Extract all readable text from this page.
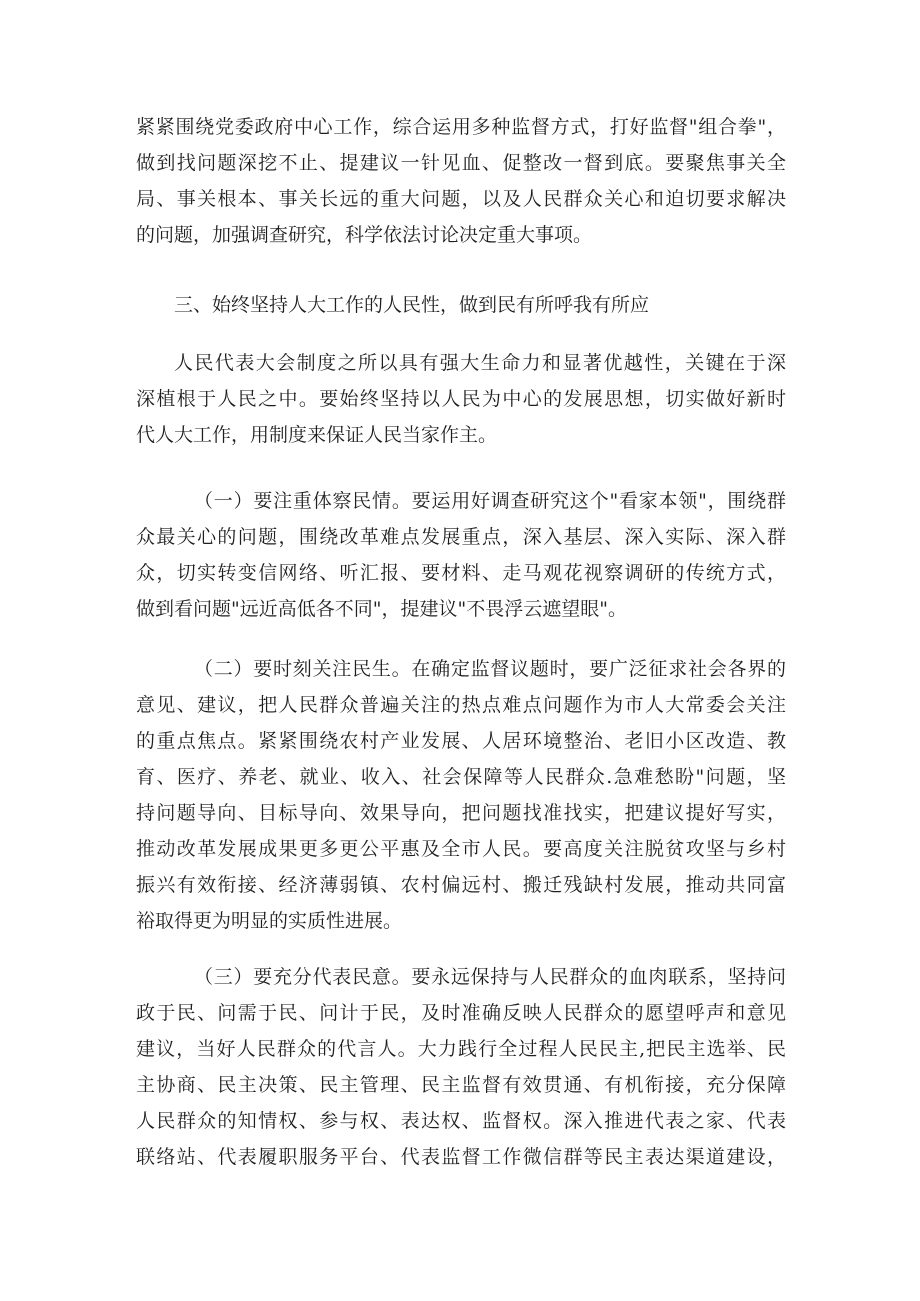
紧紧围绕党委政府中心工作，综合运用多种监督方式，打好监督"组合拳"，

做到找问题深挖不止、提建议一针见血、促整改一督到底。要聚焦事关全

局、事关根本、事关长远的重大问题，以及人民群众关心和迫切要求解决

的问题，加强调查研究，科学依法讨论决定重大事项。

三、始终坚持人大工作的人民性，做到民有所呼我有所应

人民代表大会制度之所以具有强大生命力和显著优越性，关键在于深

深植根于人民之中。要始终坚持以人民为中心的发展思想，切实做好新时

代人大工作，用制度来保证人民当家作主。

（一）要注重体察民情。要运用好调查研究这个"看家本领"，围绕群

众最关心的问题，围绕改革难点发展重点，深入基层、深入实际、深入群

众，切实转变信网络、听汇报、要材料、走马观花视察调研的传统方式，

做到看问题"远近高低各不同"，提建议"不畏浮云遮望眼"。

（二）要时刻关注民生。在确定监督议题时，要广泛征求社会各界的

意见、建议，把人民群众普遍关注的热点难点问题作为市人大常委会关注

的重点焦点。紧紧围绕农村产业发展、人居环境整治、老旧小区改造、教

育、医疗、养老、就业、收入、社会保障等人民群众.急难愁盼"问题，坚

持问题导向、目标导向、效果导向，把问题找准找实，把建议提好写实，

推动改革发展成果更多更公平惠及全市人民。要高度关注脱贫攻坚与乡村

振兴有效衔接、经济薄弱镇、农村偏远村、搬迁残缺村发展，推动共同富

裕取得更为明显的实质性进展。

（三）要充分代表民意。要永远保持与人民群众的血肉联系，坚持问

政于民、问需于民、问计于民，及时准确反映人民群众的愿望呼声和意见

建议，当好人民群众的代言人。大力践行全过程人民民主,把民主选举、民

主协商、民主决策、民主管理、民主监督有效贯通、有机衔接，充分保障

人民群众的知情权、参与权、表达权、监督权。深入推进代表之家、代表

联络站、代表履职服务平台、代表监督工作微信群等民主表达渠道建设，
